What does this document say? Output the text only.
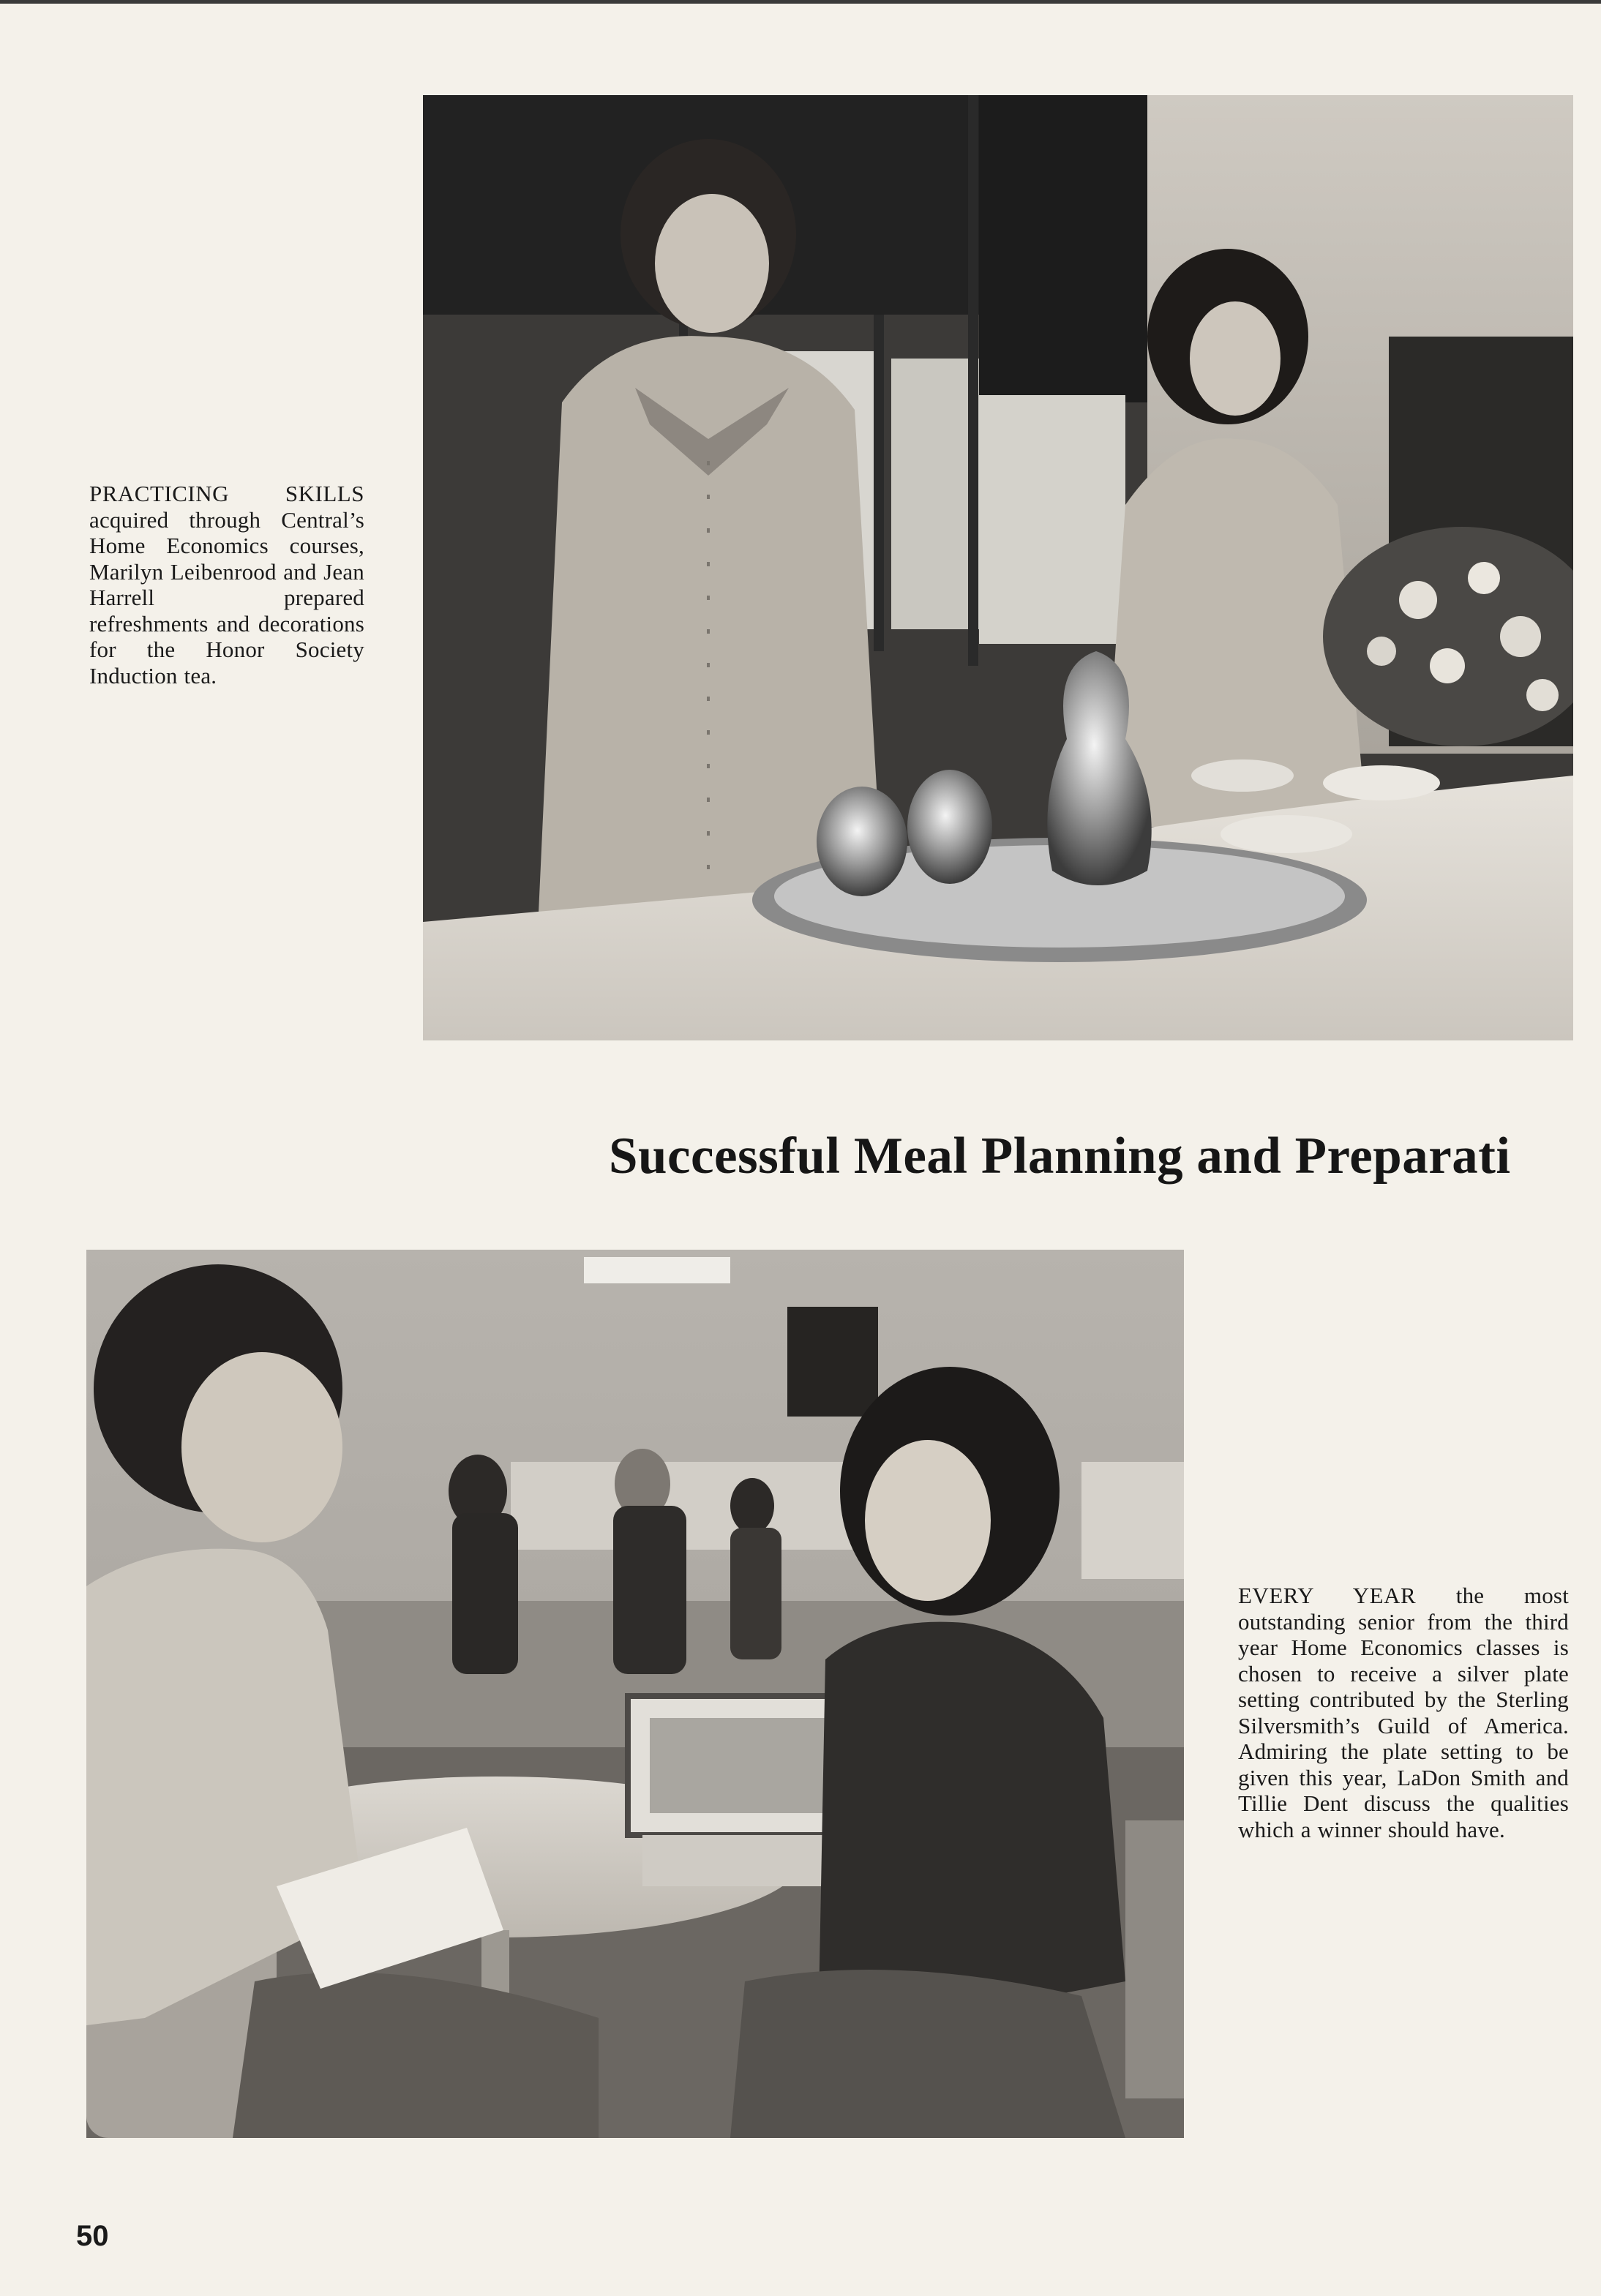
PRACTICING SKILLS acquired through Central’s Home Economics courses, Marilyn Leibenrood and Jean Harrell prepared refreshments and decorations for the Honor Society Induction tea.

Successful Meal Planning and Preparati

EVERY YEAR the most outstanding senior from the third year Home Economics classes is chosen to receive a silver plate setting contributed by the Sterling Silversmith’s Guild of America. Admiring the plate setting to be given this year, LaDon Smith and Tillie Dent discuss the qualities which a winner should have.

50
